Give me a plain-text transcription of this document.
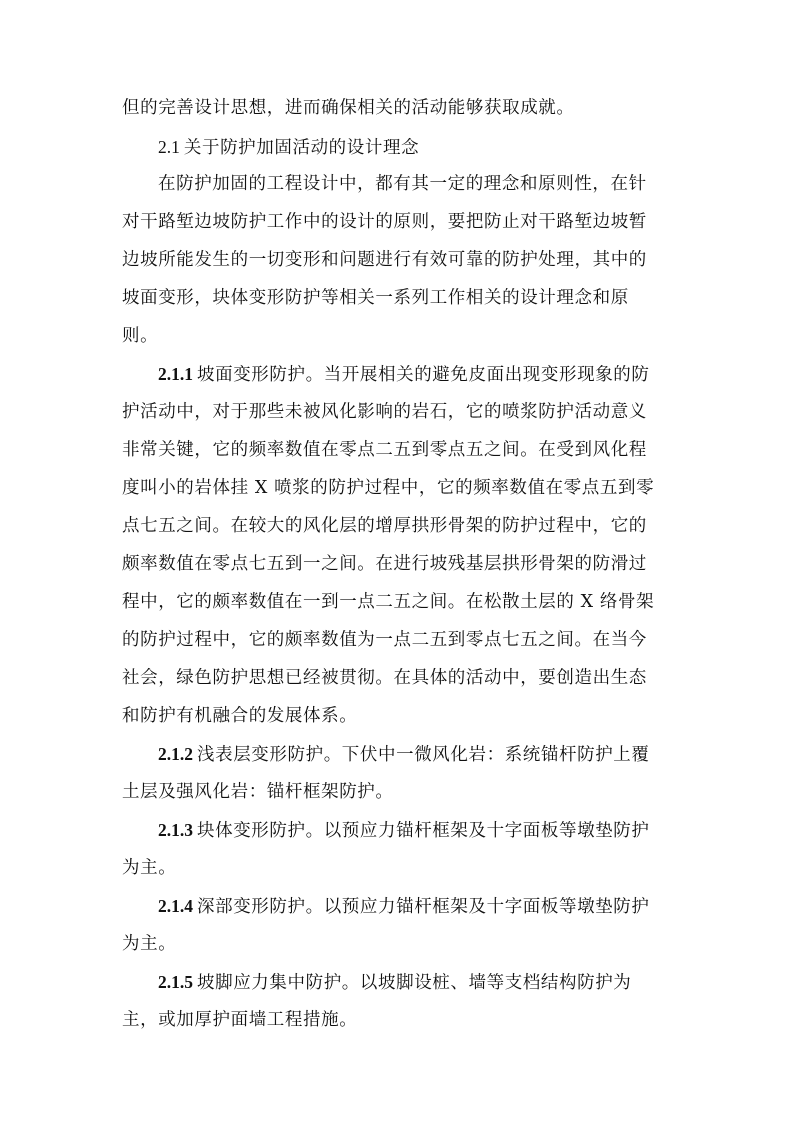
但的完善设计思想，进而确保相关的活动能够获取成就。
2.1 关于防护加固活动的设计理念
在防护加固的工程设计中，都有其一定的理念和原则性，在针
对干路堑边坡防护工作中的设计的原则，要把防止对干路堑边坡暂
边坡所能发生的一切变形和问题进行有效可靠的防护处理，其中的
坡面变形，块体变形防护等相关一系列工作相关的设计理念和原
则。
2.1.1 坡面变形防护。当开展相关的避免皮面出现变形现象的防
护活动中，对于那些未被风化影响的岩石，它的喷浆防护活动意义
非常关键，它的频率数值在零点二五到零点五之间。在受到风化程
度叫小的岩体挂 X 喷浆的防护过程中，它的频率数值在零点五到零
点七五之间。在较大的风化层的增厚拱形骨架的防护过程中，它的
颇率数值在零点七五到一之间。在进行坡残基层拱形骨架的防滑过
程中，它的颇率数值在一到一点二五之间。在松散土层的 X 络骨架
的防护过程中，它的颇率数值为一点二五到零点七五之间。在当今
社会，绿色防护思想已经被贯彻。在具体的活动中，要创造出生态
和防护有机融合的发展体系。
2.1.2 浅表层变形防护。下伏中一微风化岩：系统锚杆防护上覆
土层及强风化岩：锚杆框架防护。
2.1.3 块体变形防护。以预应力锚杆框架及十字面板等墩垫防护
为主。
2.1.4 深部变形防护。以预应力锚杆框架及十字面板等墩垫防护
为主。
2.1.5 坡脚应力集中防护。以坡脚设桩、墙等支档结构防护为
主，或加厚护面墙工程措施。
